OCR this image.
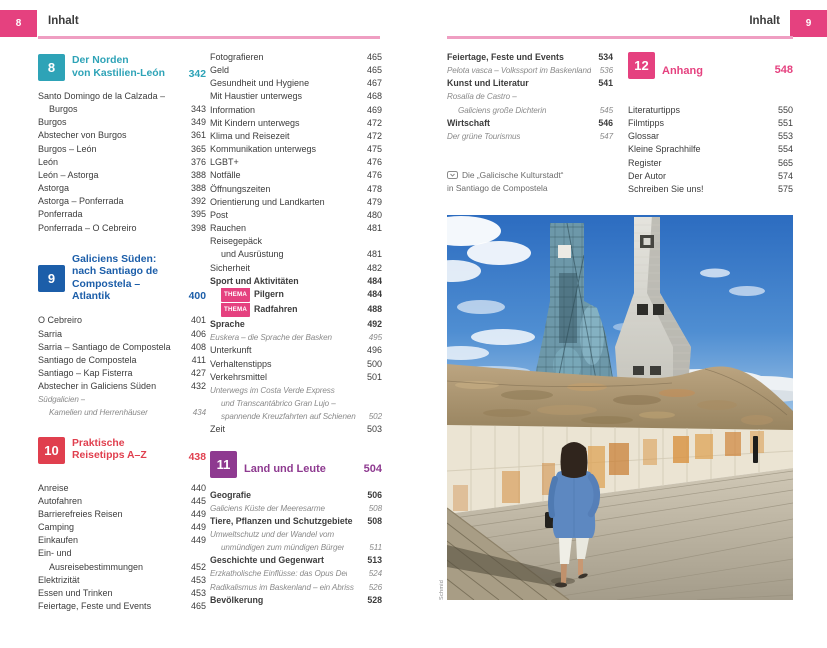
8	Inhalt	Inhalt	9
8	Der Norden
von Kastilien-León 342
Santo Domingo de la Calzada –
Burgos	343
Burgos	349
Abstecher von Burgos	361
Burgos – León	365
León	376
León – Astorga	388
Astorga	388
Astorga – Ponferrada	392
Ponferrada	395
Ponferrada – O Cebreiro	398
9
Galiciens Süden:
nach Santiago de
Compostela – Atlantik	400
O Cebreiro	401
Sarria	406
Sarria – Santiago de Compostela 408
Santiago de Compostela	411
Santiago – Kap Fisterra	427
Abstecher in Galiciens Süden	432
Südgalicien –
Kamelien und Herrenhäuser	434
10	Praktische
Reisetipps A–Z	438
Anreise	440
Autofahren	445
Barrierefreies Reisen	449
Camping	449
Einkaufen	449
Ein- und
Ausreisebestimmungen	452
Elektrizität	453
Essen und Trinken	453
Feiertage, Feste und Events	465
Fotografieren	465
Geld	465
Gesundheit und Hygiene	467
Mit Haustier unterwegs	468
Information	469
Mit Kindern unterwegs	472
Klima und Reisezeit	472
Kommunikation unterwegs	475
LGBT+	476
Notfälle	476
Öffnungszeiten	478
Orientierung und Landkarten	479
Post	480
Rauchen	481
Reisegepäck
und Ausrüstung	481
Sicherheit	482
Sport und Aktivitäten	484
THEMA Pilgern	484
THEMA Radfahren	488
Sprache	492
Euskera – die Sprache der Basken	495
Unterkunft	496
Verhaltenstipps	500
Verkehrsmittel	501
Unterwegs im Costa Verde Express
und Transcantábrico Gran Lujo –
spannende Kreuzfahrten auf Schienen 502
Zeit	503
11	Land und Leute	504
Geografie	506
Galiciens Küste der Meeresarme	508
Tiere, Pflanzen und Schutzgebiete 508
Umweltschutz und der Wandel vom
unmündigen zum mündigen Bürger	511
Geschichte und Gegenwart	513
Erzkatholische Einflüsse: das Opus Dei	524
Radikalismus im Baskenland – ein Abriss 526
Bevölkerung	528
Feiertage, Feste und Events	534
Pelota vasca – Volkssport im Baskenland 536
Kunst und Literatur	541
Rosalía de Castro –
Galiciens große Dichterin	545
Wirtschaft	546
Der grüne Tourismus	547
Die „Galicische Kulturstadt“
in Santiago de Compostela
12	Anhang	548
Literaturtipps	550
Filmtipps	551
Glossar	553
Kleine Sprachhilfe	554
Register	565
Der Autor	574
Schreiben Sie uns!	575
Schmid
